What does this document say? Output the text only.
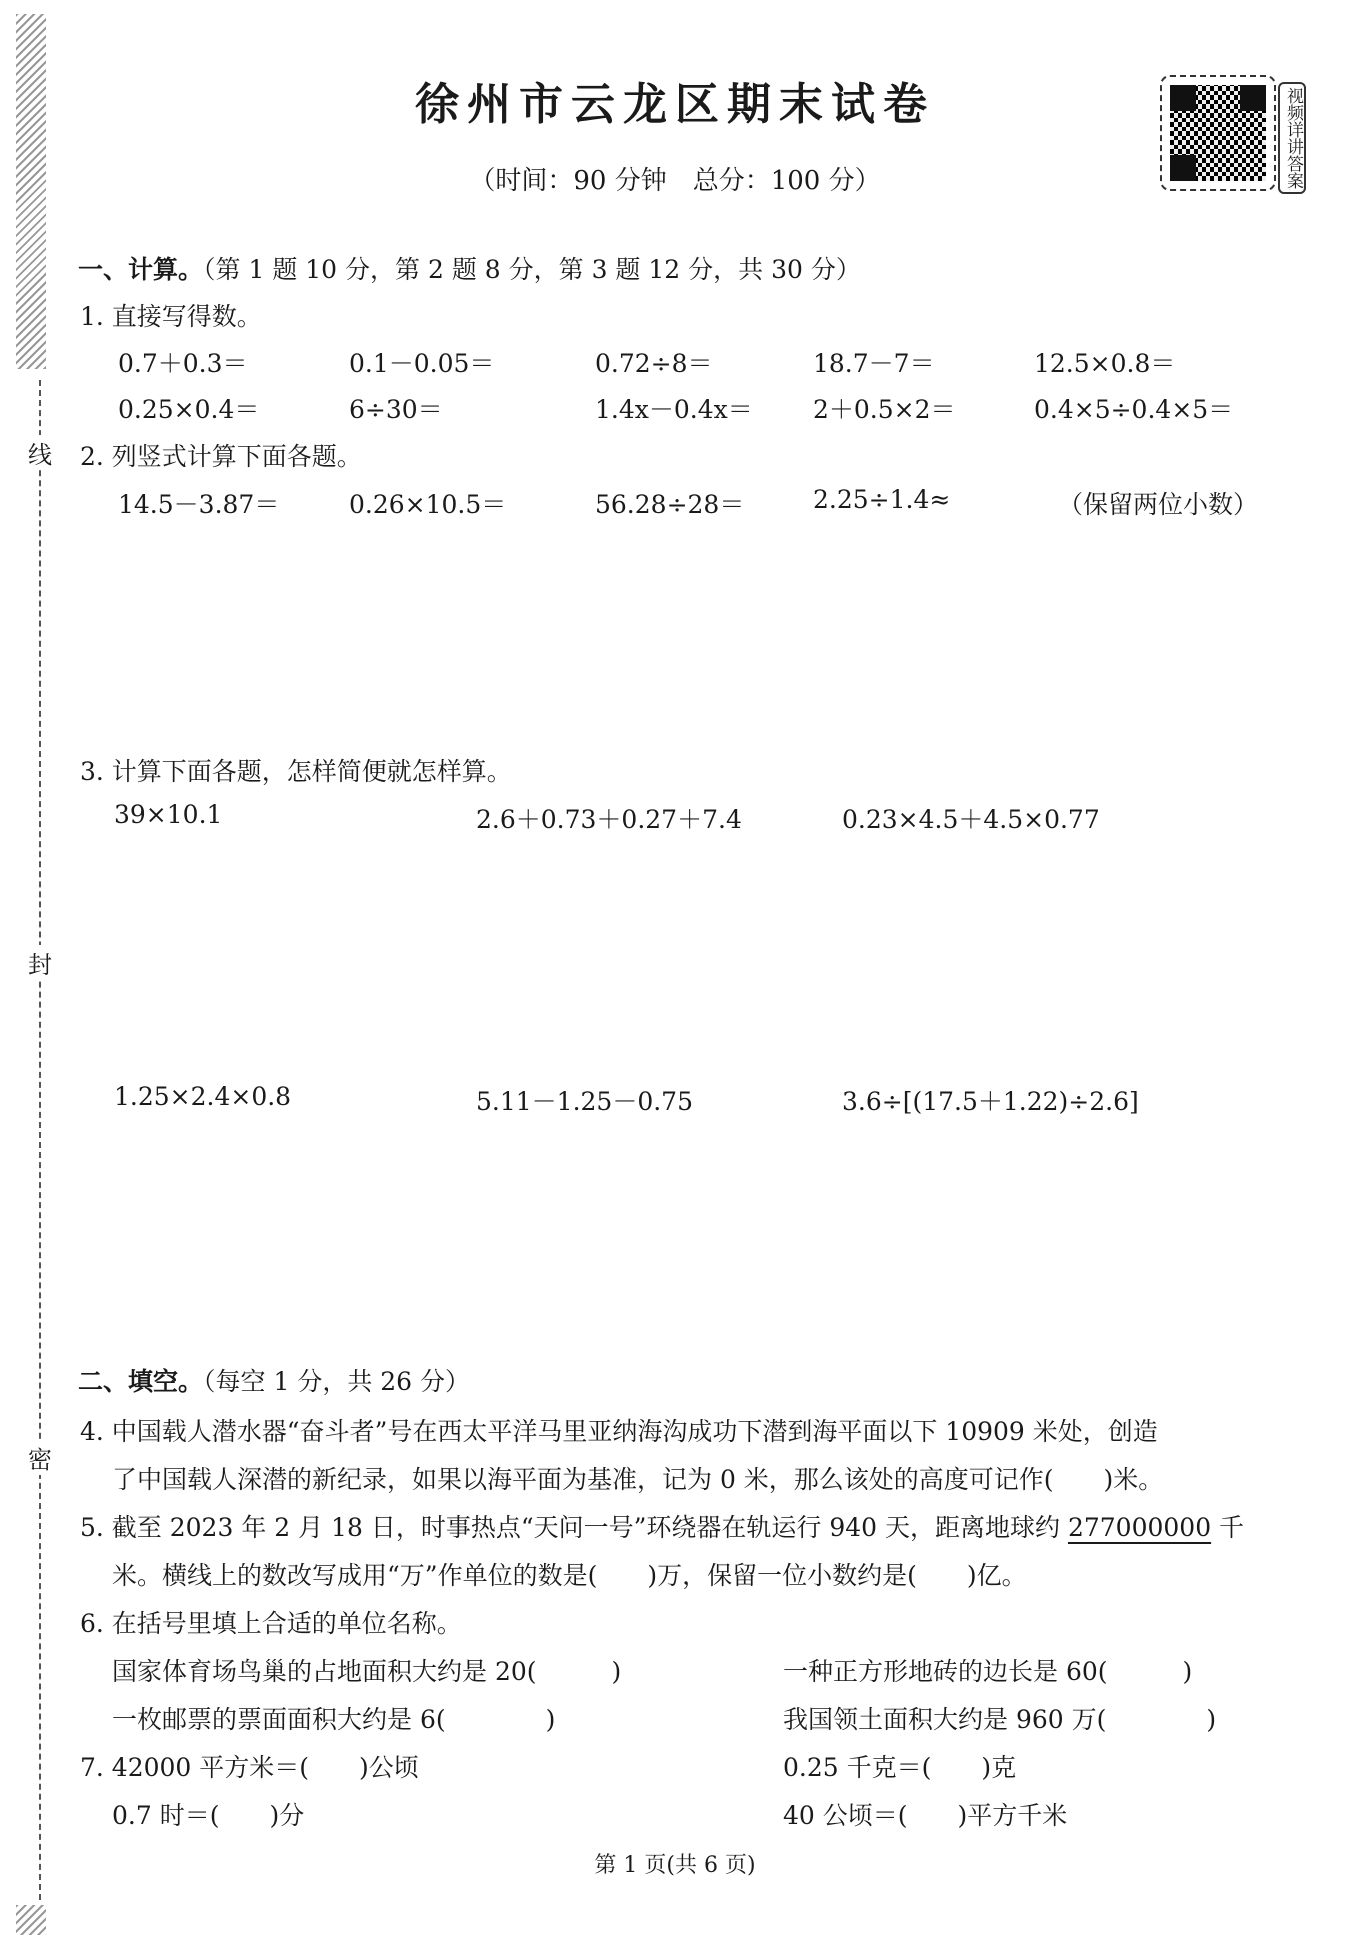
线
封
密
徐州市云龙区期末试卷
（时间：90 分钟　总分：100 分）	视频详讲答案
一、计算。（第 1 题 10 分，第 2 题 8 分，第 3 题 12 分，共 30 分）
1. 直接写得数。
0.7＋0.3＝	0.1－0.05＝	0.72÷8＝	18.7－7＝	12.5×0.8＝
0.25×0.4＝	6÷30＝	1.4x－0.4x＝ 2＋0.5×2＝	0.4×5÷0.4×5＝
2. 列竖式计算下面各题。
14.5－3.87＝	0.26×10.5＝	56.28÷28＝	2.25÷1.4≈	（保留两位小数）
3. 计算下面各题，怎样简便就怎样算。
39×10.1	2.6＋0.73＋0.27＋7.4	0.23×4.5＋4.5×0.77
1.25×2.4×0.8	5.11－1.25－0.75	3.6÷[(17.5＋1.22)÷2.6]
二、填空。（每空 1 分，共 26 分）
4. 中国载人潜水器“奋斗者”号在西太平洋马里亚纳海沟成功下潜到海平面以下 10909 米处，创造
了中国载人深潜的新纪录，如果以海平面为基准，记为 0 米，那么该处的高度可记作(　　)米。
5. 截至 2023 年 2 月 18 日，时事热点“天问一号”环绕器在轨运行 940 天，距离地球约 277000000 千
米。横线上的数改写成用“万”作单位的数是(　　)万，保留一位小数约是(　　)亿。
6. 在括号里填上合适的单位名称。
国家体育场鸟巢的占地面积大约是 20(　　　)	一种正方形地砖的边长是 60(　　　)
一枚邮票的票面面积大约是 6(　　　　)	我国领土面积大约是 960 万(　　　　)
7. 42000 平方米＝(　　)公顷	0.25 千克＝(　　)克
0.7 时＝(　　)分	40 公顷＝(　　)平方千米
第 1 页(共 6 页)
